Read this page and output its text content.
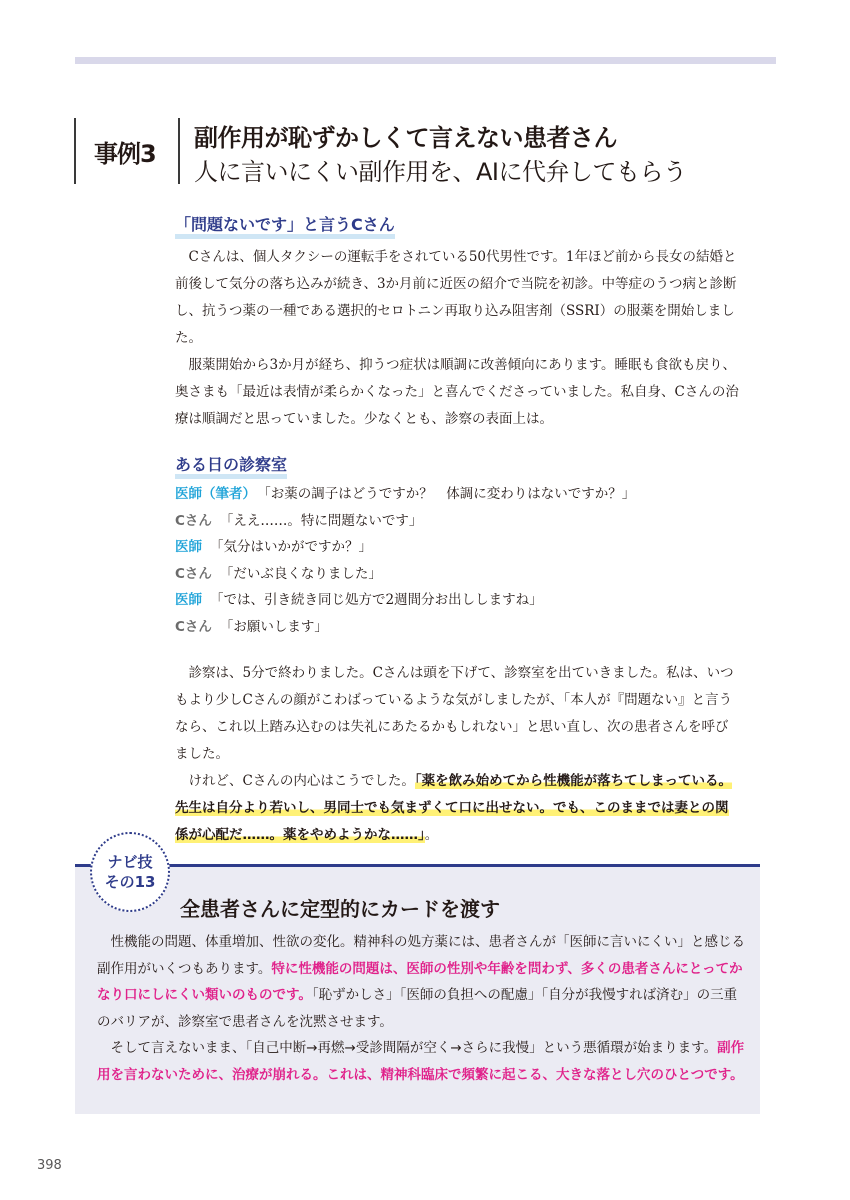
事例3
副作用が恥ずかしくて言えない患者さん
人に言いにくい副作用を、AIに代弁してもらう
「問題ないです」と言うCさん

Cさんは、個人タクシーの運転手をされている50代男性です。1年ほど前から長女の結婚と前後して気分の落ち込みが続き、3か月前に近医の紹介で当院を初診。中等症のうつ病と診断し、抗うつ薬の一種である選択的セロトニン再取り込み阻害剤（SSRI）の服薬を開始しました。

服薬開始から3か月が経ち、抑うつ症状は順調に改善傾向にあります。睡眠も食欲も戻り、奥さまも「最近は表情が柔らかくなった」と喜んでくださっていました。私自身、Cさんの治療は順調だと思っていました。少なくとも、診察の表面上は。

ある日の診察室
医師（筆者） 「お薬の調子はどうですか？　体調に変わりはないですか？」
Cさん 「ええ……。特に問題ないです」
医師 「気分はいかがですか？」
Cさん 「だいぶ良くなりました」
医師 「では、引き続き同じ処方で2週間分お出ししますね」
Cさん 「お願いします」

診察は、5分で終わりました。Cさんは頭を下げて、診察室を出ていきました。私は、いつもより少しCさんの顔がこわばっているような気がしましたが、「本人が『問題ない』と言うなら、これ以上踏み込むのは失礼にあたるかもしれない」と思い直し、次の患者さんを呼びました。

けれど、Cさんの内心はこうでした。「薬を飲み始めてから性機能が落ちてしまっている。先生は自分より若いし、男同士でも気まずくて口に出せない。でも、このままでは妻との関係が心配だ……。薬をやめようかな……」。

ナビ技
その13
全患者さんに定型的にカードを渡す

性機能の問題、体重増加、性欲の変化。精神科の処方薬には、患者さんが「医師に言いにくい」と感じる副作用がいくつもあります。特に性機能の問題は、医師の性別や年齢を問わず、多くの患者さんにとってかなり口にしにくい類いのものです。「恥ずかしさ」「医師の負担への配慮」「自分が我慢すれば済む」の三重のバリアが、診察室で患者さんを沈黙させます。

そして言えないまま、「自己中断→再燃→受診間隔が空く→さらに我慢」という悪循環が始まります。副作用を言わないために、治療が崩れる。これは、精神科臨床で頻繁に起こる、大きな落とし穴のひとつです。

398
